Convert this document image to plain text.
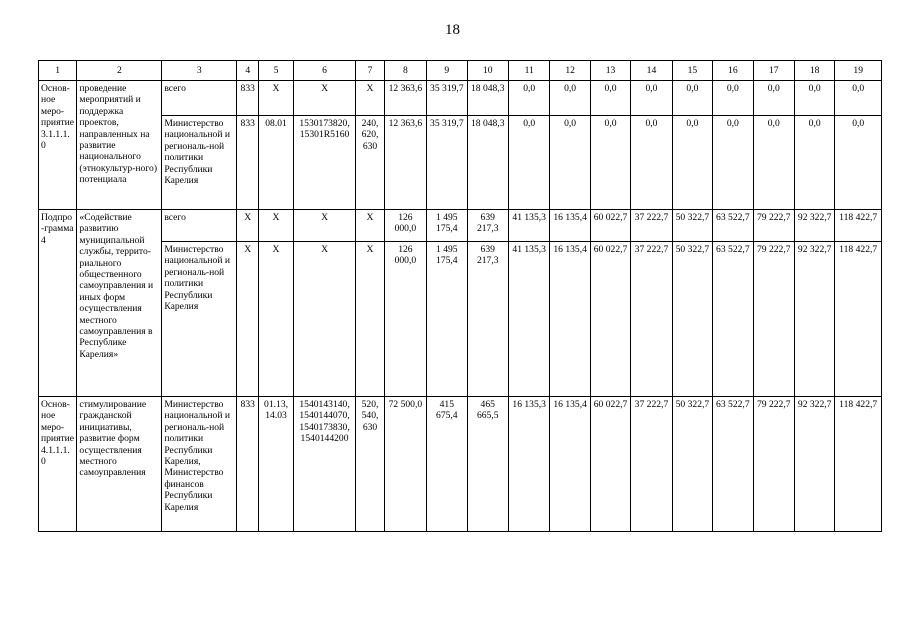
18
1	2	3	4	5	6	7	8	9	10	11	12	13	14	15	16	17	18	19
Основ-ное меро-приятие 3.1.1.1.0	проведение мероприятий и поддержка проектов, направленных на развитие национального (этнокультур-ного) потенциала	всего	833	X	X	X	12 363,6	35 319,7	18 048,3	0,0	0,0	0,0	0,0	0,0	0,0	0,0	0,0	0,0
		Министерство национальной и региональ-ной политики Республики Карелия	833	08.01	1530173820, 15301R5160	240, 620, 630	12 363,6	35 319,7	18 048,3	0,0	0,0	0,0	0,0	0,0	0,0	0,0	0,0	0,0
Подпро-грамма 4	«Содействие развитию муниципальной службы, террито-риального общественного самоуправления и иных форм осуществления местного самоуправления в Республике Карелия»	всего	X	X	X	X	126 000,0	1 495 175,4	639 217,3	41 135,3	16 135,4	60 022,7	37 222,7	50 322,7	63 522,7	79 222,7	92 322,7	118 422,7
		Министерство национальной и региональ-ной политики Республики Карелия	X	X	X	X	126 000,0	1 495 175,4	639 217,3	41 135,3	16 135,4	60 022,7	37 222,7	50 322,7	63 522,7	79 222,7	92 322,7	118 422,7
Основ-ное меро-приятие 4.1.1.1.0	стимулирование гражданской инициативы, развитие форм осуществления местного самоуправления	Министерство национальной и региональ-ной политики Республики Карелия, Министерство финансов Республики Карелия	833	01.13, 14.03	1540143140, 1540144070, 1540173830, 1540144200	520, 540, 630	72 500,0	415 675,4	465 665,5	16 135,3	16 135,4	60 022,7	37 222,7	50 322,7	63 522,7	79 222,7	92 322,7	118 422,7
